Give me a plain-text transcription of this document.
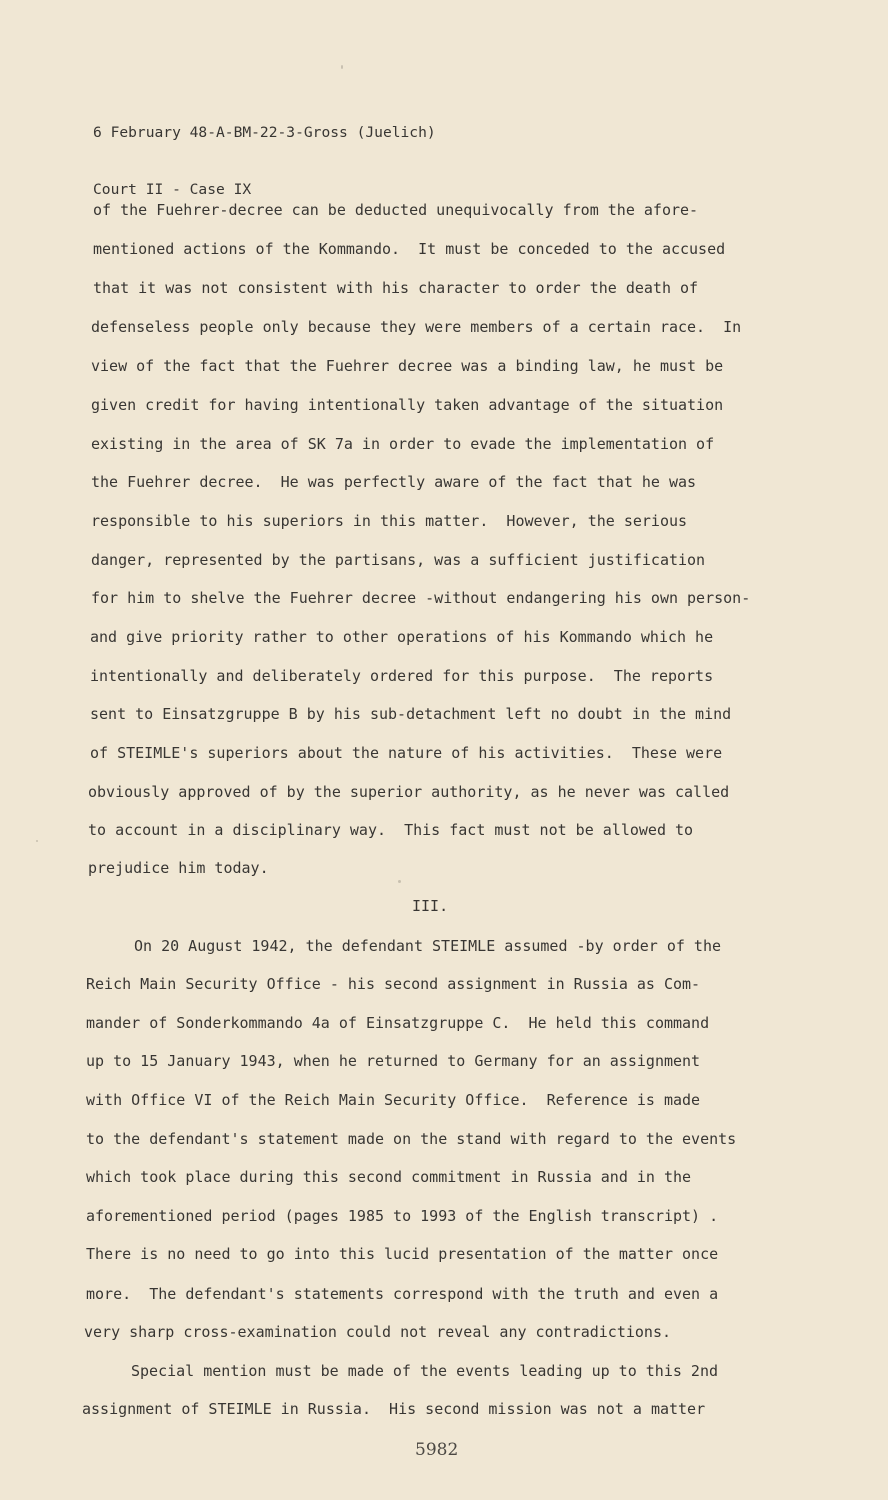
6 February 48-A-BM-22-3-Gross (Juelich)

Court II - Case IX

of the Fuehrer-decree can be deducted unequivocally from the afore-
mentioned actions of the Kommando.  It must be conceded to the accused
that it was not consistent with his character to order the death of
defenseless people only because they were members of a certain race.  In
view of the fact that the Fuehrer decree was a binding law, he must be
given credit for having intentionally taken advantage of the situation
existing in the area of SK 7a in order to evade the implementation of
the Fuehrer decree.  He was perfectly aware of the fact that he was
responsible to his superiors in this matter.  However, the serious
danger, represented by the partisans, was a sufficient justification
for him to shelve the Fuehrer decree -without endangering his own person-
and give priority rather to other operations of his Kommando which he
intentionally and deliberately ordered for this purpose.  The reports
sent to Einsatzgruppe B by his sub-detachment left no doubt in the mind
of STEIMLE's superiors about the nature of his activities.  These were
obviously approved of by the superior authority, as he never was called
to account in a disciplinary way.  This fact must not be allowed to
prejudice him today.
III.
On 20 August 1942, the defendant STEIMLE assumed -by order of the
Reich Main Security Office - his second assignment in Russia as Com-
mander of Sonderkommando 4a of Einsatzgruppe C.  He held this command
up to 15 January 1943, when he returned to Germany for an assignment
with Office VI of the Reich Main Security Office.  Reference is made
to the defendant's statement made on the stand with regard to the events
which took place during this second commitment in Russia and in the
aforementioned period (pages 1985 to 1993 of the English transcript) .
There is no need to go into this lucid presentation of the matter once
more.  The defendant's statements correspond with the truth and even a
very sharp cross-examination could not reveal any contradictions.
Special mention must be made of the events leading up to this 2nd
assignment of STEIMLE in Russia.  His second mission was not a matter
5982
